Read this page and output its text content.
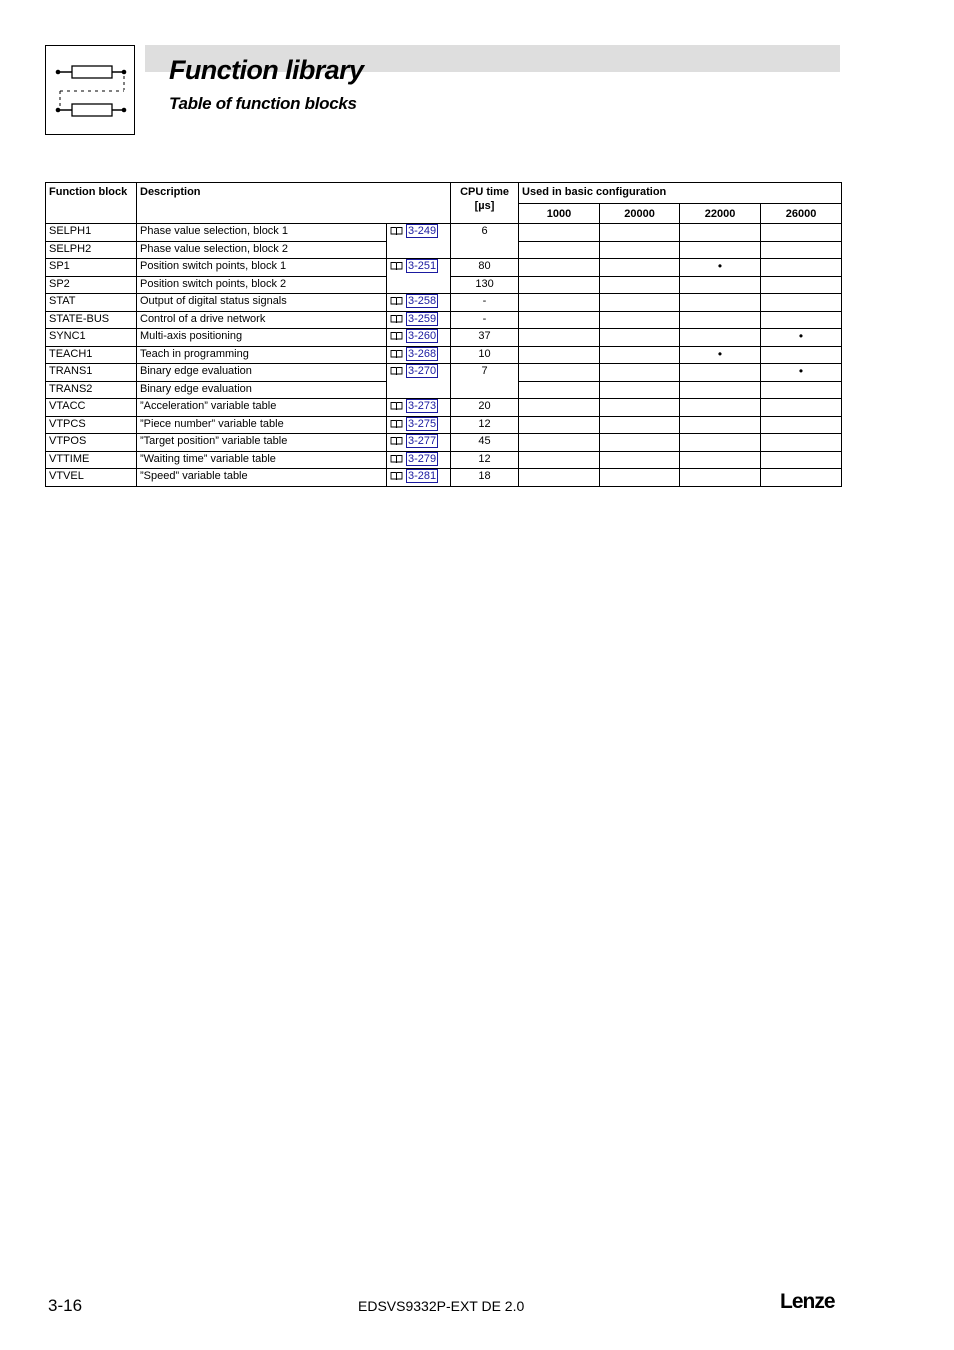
Function library
Table of function blocks
Function block	Description		CPU time
[µs]	Used in basic configuration			
				1000	20000	22000	26000
SELPH1	Phase value selection, block 1	3-249	6				
SELPH2	Phase value selection, block 2						
SP1	Position switch points, block 1	3-251	80			•	
SP2	Position switch points, block 2		130				
STAT	Output of digital status signals	3-258	-				
STATE-BUS	Control of a drive network	3-259	-				
SYNC1	Multi-axis positioning	3-260	37				•
TEACH1	Teach in programming	3-268	10			•	
TRANS1	Binary edge evaluation	3-270	7				•
TRANS2	Binary edge evaluation						
VTACC	”Acceleration” variable table	3-273	20				
VTPCS	”Piece number” variable table	3-275	12				
VTPOS	”Target position” variable table	3-277	45				
VTTIME	”Waiting time” variable table	3-279	12				
VTVEL	”Speed” variable table	3-281	18				
3-16	EDSVS9332P-EXT DE 2.0	Lenze
